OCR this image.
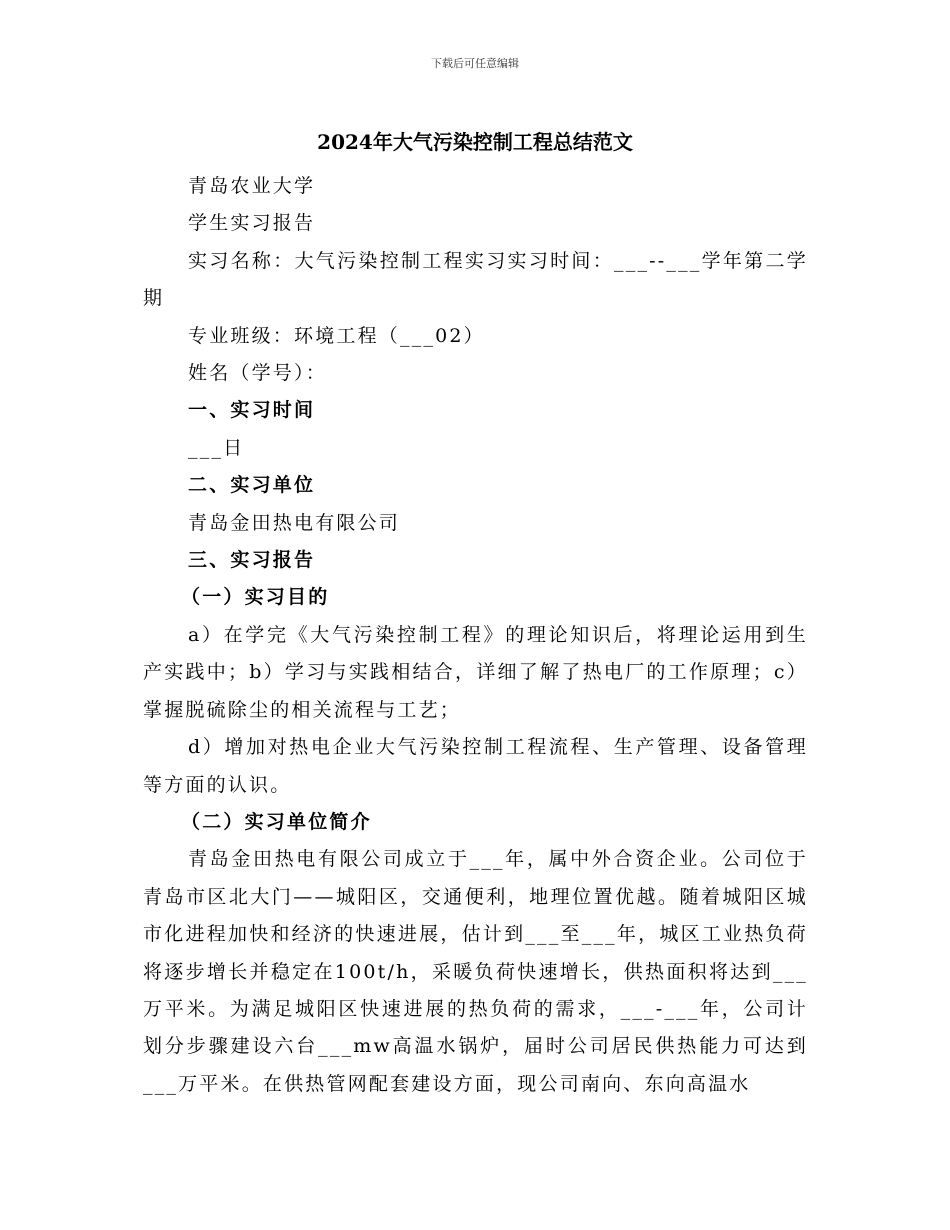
下载后可任意编辑
2024年大气污染控制工程总结范文

青岛农业大学

学生实习报告

实习名称：大气污染控制工程实习实习时间：___--___学年第二学期

专业班级：环境工程（___02）

姓名（学号）：

一、实习时间

___日

二、实习单位

青岛金田热电有限公司

三、实习报告

（一）实习目的

a）在学完《大气污染控制工程》的理论知识后，将理论运用到生产实践中；b）学习与实践相结合，详细了解了热电厂的工作原理；c）掌握脱硫除尘的相关流程与工艺；

d）增加对热电企业大气污染控制工程流程、生产管理、设备管理等方面的认识。

（二）实习单位简介

青岛金田热电有限公司成立于___年，属中外合资企业。公司位于青岛市区北大门——城阳区，交通便利，地理位置优越。随着城阳区城市化进程加快和经济的快速进展，估计到___至___年，城区工业热负荷将逐步增长并稳定在100t/h，采暖负荷快速增长，供热面积将达到___万平米。为满足城阳区快速进展的热负荷的需求，___-___年，公司计划分步骤建设六台___mw高温水锅炉，届时公司居民供热能力可达到___万平米。在供热管网配套建设方面，现公司南向、东向高温水
